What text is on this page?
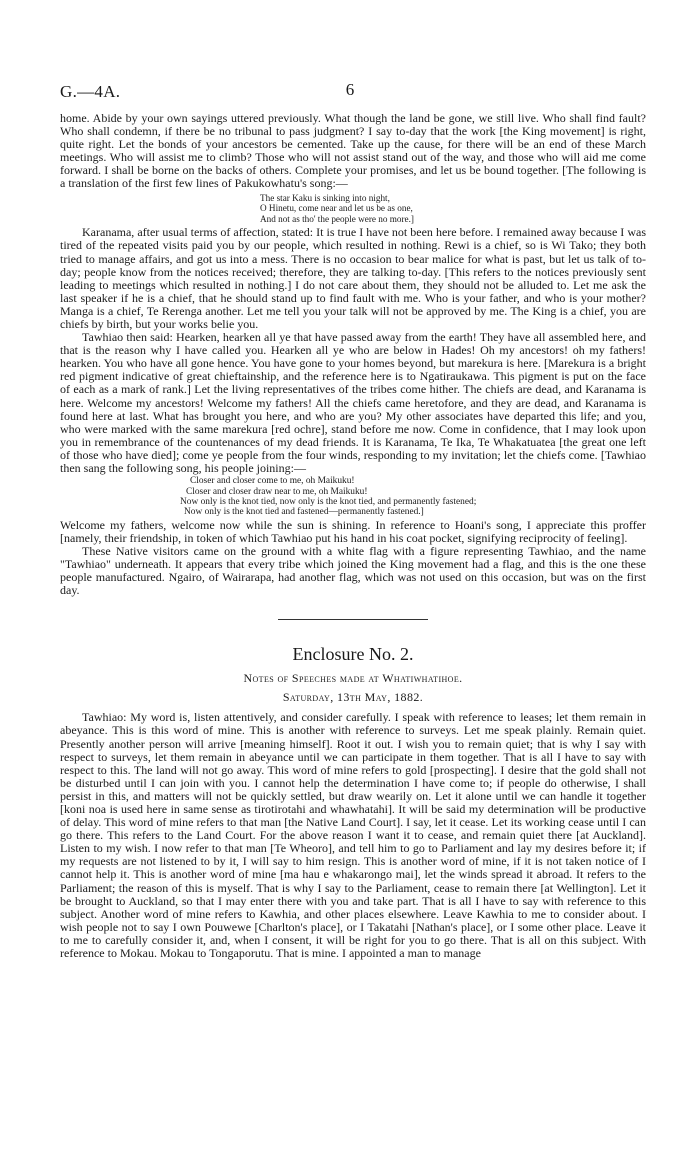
G.—4A.	6

home. Abide by your own sayings uttered previously. What though the land be gone, we still live. Who shall find fault? Who shall condemn, if there be no tribunal to pass judgment? I say to-day that the work [the King movement] is right, quite right. Let the bonds of your ancestors be cemented. Take up the cause, for there will be an end of these March meetings. Who will assist me to climb? Those who will not assist stand out of the way, and those who will aid me come forward. I shall be borne on the backs of others. Complete your promises, and let us be bound together. [The following is a translation of the first few lines of Pakukowhatu's song:—

The star Kaku is sinking into night,
O Hinetu, come near and let us be as one,
And not as tho' the people were no more.]

Karanama, after usual terms of affection, stated: It is true I have not been here before. I remained away because I was tired of the repeated visits paid you by our people, which resulted in nothing. Rewi is a chief, so is Wi Tako; they both tried to manage affairs, and got us into a mess. There is no occasion to bear malice for what is past, but let us talk of to-day; people know from the notices received; therefore, they are talking to-day. [This refers to the notices previously sent leading to meetings which resulted in nothing.] I do not care about them, they should not be alluded to. Let me ask the last speaker if he is a chief, that he should stand up to find fault with me. Who is your father, and who is your mother? Manga is a chief, Te Rerenga another. Let me tell you your talk will not be approved by me. The King is a chief, you are chiefs by birth, but your works belie you.

Tawhiao then said: Hearken, hearken all ye that have passed away from the earth! They have all assembled here, and that is the reason why I have called you. Hearken all ye who are below in Hades! Oh my ancestors! oh my fathers! hearken. You who have all gone hence. You have gone to your homes beyond, but marekura is here. [Marekura is a bright red pigment indicative of great chieftainship, and the reference here is to Ngatiraukawa. This pigment is put on the face of each as a mark of rank.] Let the living representatives of the tribes come hither. The chiefs are dead, and Karanama is here. Welcome my ancestors! Welcome my fathers! All the chiefs came heretofore, and they are dead, and Karanama is found here at last. What has brought you here, and who are you? My other associates have departed this life; and you, who were marked with the same marekura [red ochre], stand before me now. Come in confidence, that I may look upon you in remembrance of the countenances of my dead friends. It is Karanama, Te Ika, Te Whakatuatea [the great one left of those who have died]; come ye people from the four winds, responding to my invitation; let the chiefs come. [Tawhiao then sang the following song, his people joining:—

Closer and closer come to me, oh Maikuku!
Closer and closer draw near to me, oh Maikuku!
Now only is the knot tied, now only is the knot tied, and permanently fastened;
Now only is the knot tied and fastened—permanently fastened.]

Welcome my fathers, welcome now while the sun is shining. In reference to Hoani's song, I appreciate this proffer [namely, their friendship, in token of which Tawhiao put his hand in his coat pocket, signifying reciprocity of feeling].

These Native visitors came on the ground with a white flag with a figure representing Tawhiao, and the name "Tawhiao" underneath. It appears that every tribe which joined the King movement had a flag, and this is the one these people manufactured. Ngairo, of Wairarapa, had another flag, which was not used on this occasion, but was on the first day.

Enclosure No. 2.
Notes of Speeches made at Whatiwhatihoe.
Saturday, 13th May, 1882.

Tawhiao: My word is, listen attentively, and consider carefully. I speak with reference to leases; let them remain in abeyance. This is this word of mine. This is another with reference to surveys. Let me speak plainly. Remain quiet. Presently another person will arrive [meaning himself]. Root it out. I wish you to remain quiet; that is why I say with respect to surveys, let them remain in abeyance until we can participate in them together. That is all I have to say with respect to this. The land will not go away. This word of mine refers to gold [prospecting]. I desire that the gold shall not be disturbed until I can join with you. I cannot help the determination I have come to; if people do otherwise, I shall persist in this, and matters will not be quickly settled, but draw wearily on. Let it alone until we can handle it together [koni noa is used here in same sense as tirotirotahi and whawhatahi]. It will be said my determination will be productive of delay. This word of mine refers to that man [the Native Land Court]. I say, let it cease. Let its working cease until I can go there. This refers to the Land Court. For the above reason I want it to cease, and remain quiet there [at Auckland]. Listen to my wish. I now refer to that man [Te Wheoro], and tell him to go to Parliament and lay my desires before it; if my requests are not listened to by it, I will say to him resign. This is another word of mine, if it is not taken notice of I cannot help it. This is another word of mine [ma hau e whakarongo mai], let the winds spread it abroad. It refers to the Parliament; the reason of this is myself. That is why I say to the Parliament, cease to remain there [at Wellington]. Let it be brought to Auckland, so that I may enter there with you and take part. That is all I have to say with reference to this subject. Another word of mine refers to Kawhia, and other places elsewhere. Leave Kawhia to me to consider about. I wish people not to say I own Pouwewe [Charlton's place], or I Takatahi [Nathan's place], or I some other place. Leave it to me to carefully consider it, and, when I consent, it will be right for you to go there. That is all on this subject. With reference to Mokau. Mokau to Tongaporutu. That is mine. I appointed a man to manage
